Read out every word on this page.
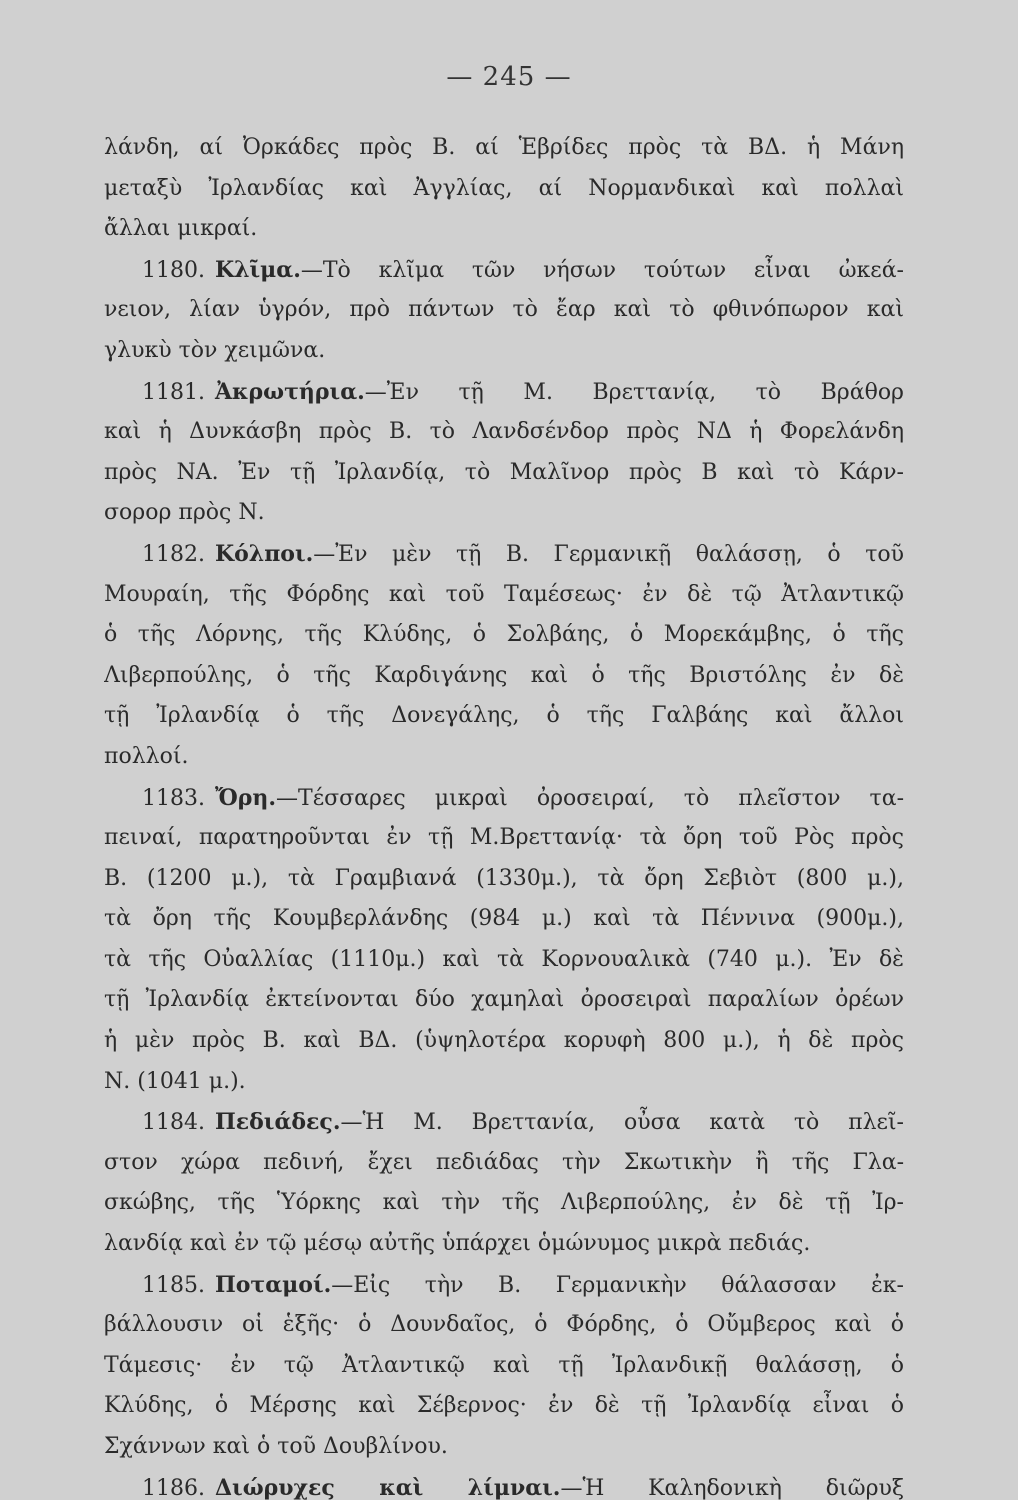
— 245 —
λάνδη, αί Ὀρκάδες πρὸς Β. αί Ἑβρίδες πρὸς τὰ ΒΔ. ἡ Μάνη
μεταξὺ Ἰρλανδίας καὶ Ἀγγλίας, αί Νορμανδικαὶ καὶ πολλαὶ
ἄλλαι μικραί.
1180. Κλῖμα.—Τὸ κλῖμα τῶν νήσων τούτων εἶναι ὠκεά-
νειον, λίαν ὑγρόν, πρὸ πάντων τὸ ἔαρ καὶ τὸ φθινόπωρον καὶ
γλυκὺ τὸν χειμῶνα.
1181. Ἀκρωτήρια.—Ἐν τῇ Μ. Βρεττανίᾳ, τὸ Βράθορ
καὶ ἡ Δυνκάσβη πρὸς Β. τὸ Λανδσένδορ πρὸς ΝΔ ἡ Φορελάνδη
πρὸς ΝΑ. Ἐν τῇ Ἰρλανδίᾳ, τὸ Μαλῖνορ πρὸς Β καὶ τὸ Κάρν-
σορορ πρὸς Ν.
1182. Κόλποι.—Ἐν μὲν τῇ Β. Γερμανικῇ θαλάσσῃ, ὁ τοῦ
Μουραίη, τῆς Φόρδης καὶ τοῦ Ταμέσεως· ἐν δὲ τῷ Ἀτλαντικῷ
ὁ τῆς Λόρνης, τῆς Κλύδης, ὁ Σολβάης, ὁ Μορεκάμβης, ὁ τῆς
Λιβερπούλης, ὁ τῆς Καρδιγάνης καὶ ὁ τῆς Βριστόλης ἐν δὲ
τῇ Ἰρλανδίᾳ ὁ τῆς Δονεγάλης, ὁ τῆς Γαλβάης καὶ ἄλλοι
πολλοί.
1183. Ὄρη.—Τέσσαρες μικραὶ ὀροσειραί, τὸ πλεῖστον τα-
πειναί, παρατηροῦνται ἐν τῇ Μ.Βρεττανίᾳ· τὰ ὄρη τοῦ Ρὸς πρὸς
Β. (1200 μ.), τὰ Γραμβιανά (1330μ.), τὰ ὄρη Σεβιὸτ (800 μ.),
τὰ ὄρη τῆς Κουμβερλάνδης (984 μ.) καὶ τὰ Πέννινα (900μ.),
τὰ τῆς Οὐαλλίας (1110μ.) καὶ τὰ Κορνουαλικὰ (740 μ.). Ἐν δὲ
τῇ Ἰρλανδίᾳ ἐκτείνονται δύο χαμηλαὶ ὀροσειραὶ παραλίων ὀρέων
ἡ μὲν πρὸς Β. καὶ ΒΔ. (ὑψηλοτέρα κορυφὴ 800 μ.), ἡ δὲ πρὸς
Ν. (1041 μ.).
1184. Πεδιάδες.—Ἡ Μ. Βρεττανία, οὖσα κατὰ τὸ πλεῖ-
στον χώρα πεδινή, ἔχει πεδιάδας τὴν Σκωτικὴν ἢ τῆς Γλα-
σκώβης, τῆς Ὑόρκης καὶ τὴν τῆς Λιβερπούλης, ἐν δὲ τῇ Ἰρ-
λανδίᾳ καὶ ἐν τῷ μέσῳ αὐτῆς ὑπάρχει ὁμώνυμος μικρὰ πεδιάς.
1185. Ποταμοί.—Εἰς τὴν Β. Γερμανικὴν θάλασσαν ἐκ-
βάλλουσιν οἱ ἑξῆς· ὁ Δουνδαῖος, ὁ Φόρδης, ὁ Οὔμβερος καὶ ὁ
Τάμεσις· ἐν τῷ Ἀτλαντικῷ καὶ τῇ Ἰρλανδικῇ θαλάσσῃ, ὁ
Κλύδης, ὁ Μέρσης καὶ Σέβερνος· ἐν δὲ τῇ Ἰρλανδίᾳ εἶναι ὁ
Σχάννων καὶ ὁ τοῦ Δουβλίνου.
1186. Διώρυχες καὶ λίμναι.—Ἡ Καληδονικὴ διῶρυξ
